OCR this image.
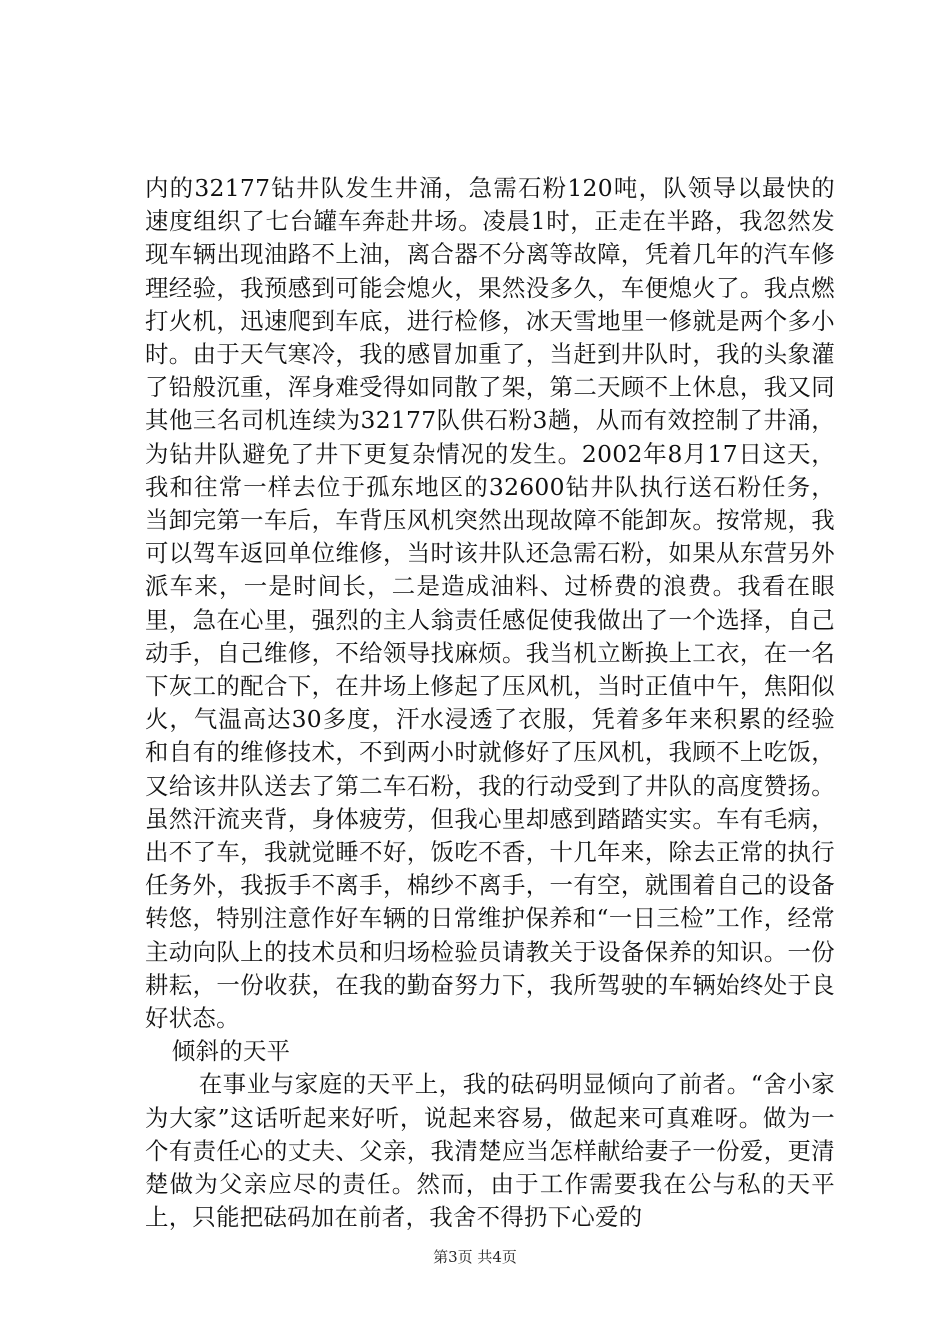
内的32177钻井队发生井涌，急需石粉120吨，队领导以最快的速度组织了七台罐车奔赴井场。凌晨1时，正走在半路，我忽然发现车辆出现油路不上油，离合器不分离等故障，凭着几年的汽车修理经验，我预感到可能会熄火，果然没多久，车便熄火了。我点燃打火机，迅速爬到车底，进行检修，冰天雪地里一修就是两个多小时。由于天气寒冷，我的感冒加重了，当赶到井队时，我的头象灌了铅般沉重，浑身难受得如同散了架，第二天顾不上休息，我又同其他三名司机连续为32177队供石粉3趟，从而有效控制了井涌，为钻井队避免了井下更复杂情况的发生。2002年8月17日这天，我和往常一样去位于孤东地区的32600钻井队执行送石粉任务，当卸完第一车后，车背压风机突然出现故障不能卸灰。按常规，我可以驾车返回单位维修，当时该井队还急需石粉，如果从东营另外派车来，一是时间长，二是造成油料、过桥费的浪费。我看在眼里，急在心里，强烈的主人翁责任感促使我做出了一个选择，自己动手，自己维修，不给领导找麻烦。我当机立断换上工衣，在一名下灰工的配合下，在井场上修起了压风机，当时正值中午，焦阳似火，气温高达30多度，汗水浸透了衣服，凭着多年来积累的经验和自有的维修技术，不到两小时就修好了压风机，我顾不上吃饭，又给该井队送去了第二车石粉，我的行动受到了井队的高度赞扬。虽然汗流夹背，身体疲劳，但我心里却感到踏踏实实。车有毛病，出不了车，我就觉睡不好，饭吃不香，十几年来，除去正常的执行任务外，我扳手不离手，棉纱不离手，一有空，就围着自己的设备转悠，特别注意作好车辆的日常维护保养和“一日三检”工作，经常主动向队上的技术员和归场检验员请教关于设备保养的知识。一份耕耘，一份收获，在我的勤奋努力下，我所驾驶的车辆始终处于良好状态。

倾斜的天平

在事业与家庭的天平上，我的砝码明显倾向了前者。“舍小家为大家”这话听起来好听，说起来容易，做起来可真难呀。做为一个有责任心的丈夫、父亲，我清楚应当怎样献给妻子一份爱，更清楚做为父亲应尽的责任。然而，由于工作需要我在公与私的天平上，只能把砝码加在前者，我舍不得扔下心爱的

第3页 共4页
